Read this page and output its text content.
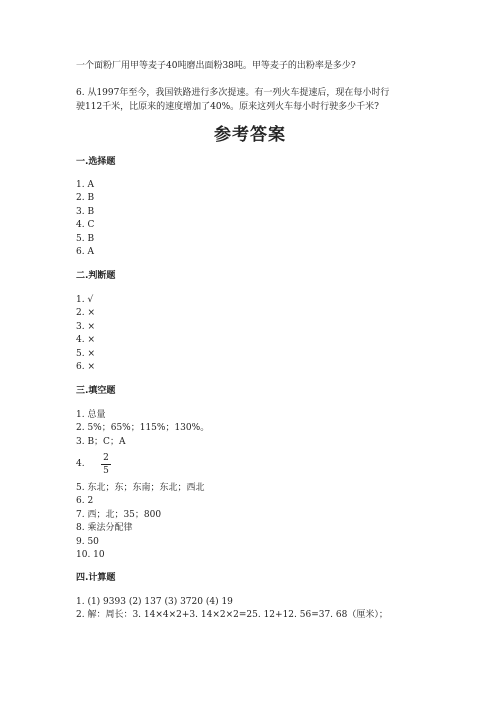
一个面粉厂用甲等麦子40吨磨出面粉38吨。甲等麦子的出粉率是多少?

6. 从1997年至今，我国铁路进行多次提速。有一列火车提速后，现在每小时行

驶112千米，比原来的速度增加了40%。原来这列火车每小时行驶多少千米?

参考答案

一.选择题

1. A
2. B
3. B
4. C
5. B
6. A

二.判断题

1. √
2. ×
3. ×
4. ×
5. ×
6. ×

三.填空题

1. 总量
2. 5%；65%；115%；130%。
3. B；C；A
4.
2
5
5. 东北；东；东南；东北；西北
6. 2
7. 西；北；35；800
8. 乘法分配律
9. 50
10. 10

四.计算题

1. (1) 9393 (2) 137 (3) 3720 (4) 19
2. 解：周长：3. 14×4×2+3. 14×2×2=25. 12+12. 56=37. 68（厘米）；
